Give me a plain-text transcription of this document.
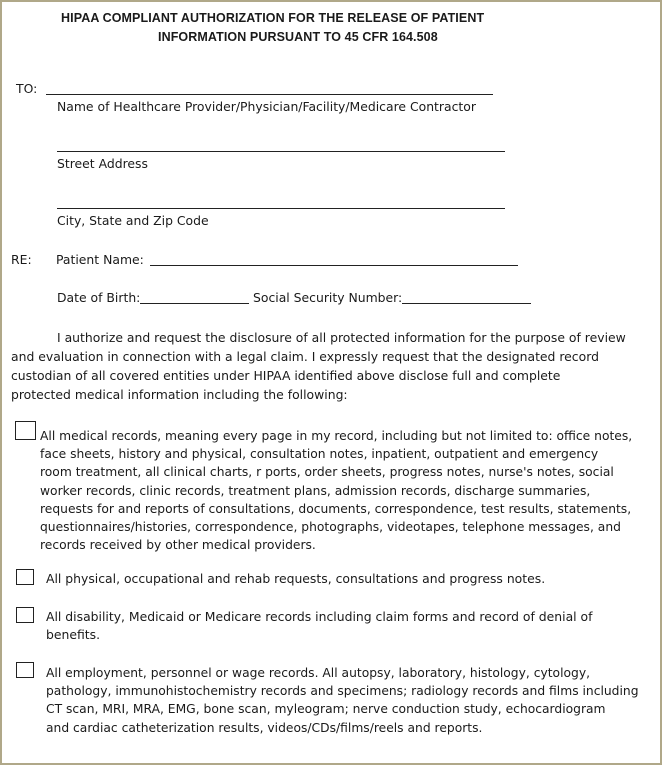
HIPAA COMPLIANT AUTHORIZATION FOR THE RELEASE OF PATIENT
INFORMATION PURSUANT TO 45 CFR 164.508
TO:
Name of Healthcare Provider/Physician/Facility/Medicare Contractor
Street Address
City, State and Zip Code
RE: Patient Name:
Date of Birth:	Social Security Number:
I authorize and request the disclosure of all protected information for the purpose of review
and evaluation in connection with a legal claim. I expressly request that the designated record
custodian of all covered entities under HIPAA identified above disclose full and complete
protected medical information including the following:
All medical records, meaning every page in my record, including but not limited to: office notes,
face sheets, history and physical, consultation notes, inpatient, outpatient and emergency
room treatment, all clinical charts, r ports, order sheets, progress notes, nurse's notes, social
worker records, clinic records, treatment plans, admission records, discharge summaries,
requests for and reports of consultations, documents, correspondence, test results, statements,
questionnaires/histories, correspondence, photographs, videotapes, telephone messages, and
records received by other medical providers.
All physical, occupational and rehab requests, consultations and progress notes.
All disability, Medicaid or Medicare records including claim forms and record of denial of
benefits.
All employment, personnel or wage records. All autopsy, laboratory, histology, cytology,
pathology, immunohistochemistry records and specimens; radiology records and films including
CT scan, MRI, MRA, EMG, bone scan, myleogram; nerve conduction study, echocardiogram
and cardiac catheterization results, videos/CDs/films/reels and reports.
